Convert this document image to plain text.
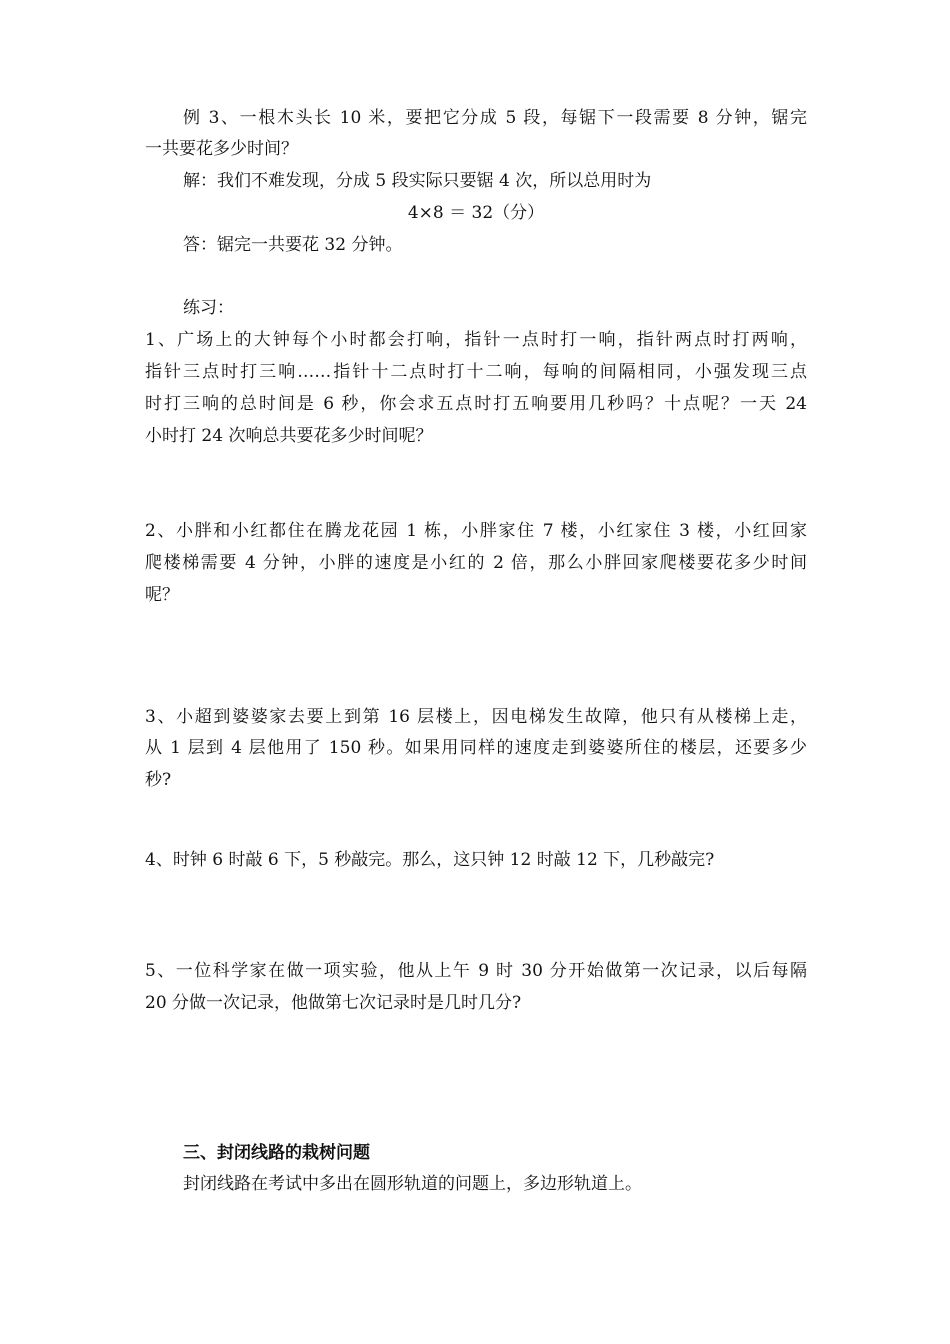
例 3、一根木头长 10 米，要把它分成 5 段，每锯下一段需要 8 分钟，锯完
一共要花多少时间？
解：我们不难发现，分成 5 段实际只要锯 4 次，所以总用时为
4×8 ＝ 32（分）
答：锯完一共要花 32 分钟。
练习：
1、广场上的大钟每个小时都会打响，指针一点时打一响，指针两点时打两响，
指针三点时打三响……指针十二点时打十二响，每响的间隔相同，小强发现三点
时打三响的总时间是 6 秒，你会求五点时打五响要用几秒吗？十点呢？一天 24
小时打 24 次响总共要花多少时间呢？
2、小胖和小红都住在腾龙花园 1 栋，小胖家住 7 楼，小红家住 3 楼，小红回家
爬楼梯需要 4 分钟，小胖的速度是小红的 2 倍，那么小胖回家爬楼要花多少时间
呢？
3、小超到婆婆家去要上到第 16 层楼上，因电梯发生故障，他只有从楼梯上走，
从 1 层到 4 层他用了 150 秒。如果用同样的速度走到婆婆所住的楼层，还要多少
秒?
4、时钟 6 时敲 6 下，5 秒敲完。那么，这只钟 12 时敲 12 下，几秒敲完?
5、一位科学家在做一项实验，他从上午 9 时 30 分开始做第一次记录，以后每隔
20 分做一次记录，他做第七次记录时是几时几分?
三、封闭线路的栽树问题
封闭线路在考试中多出在圆形轨道的问题上，多边形轨道上。
